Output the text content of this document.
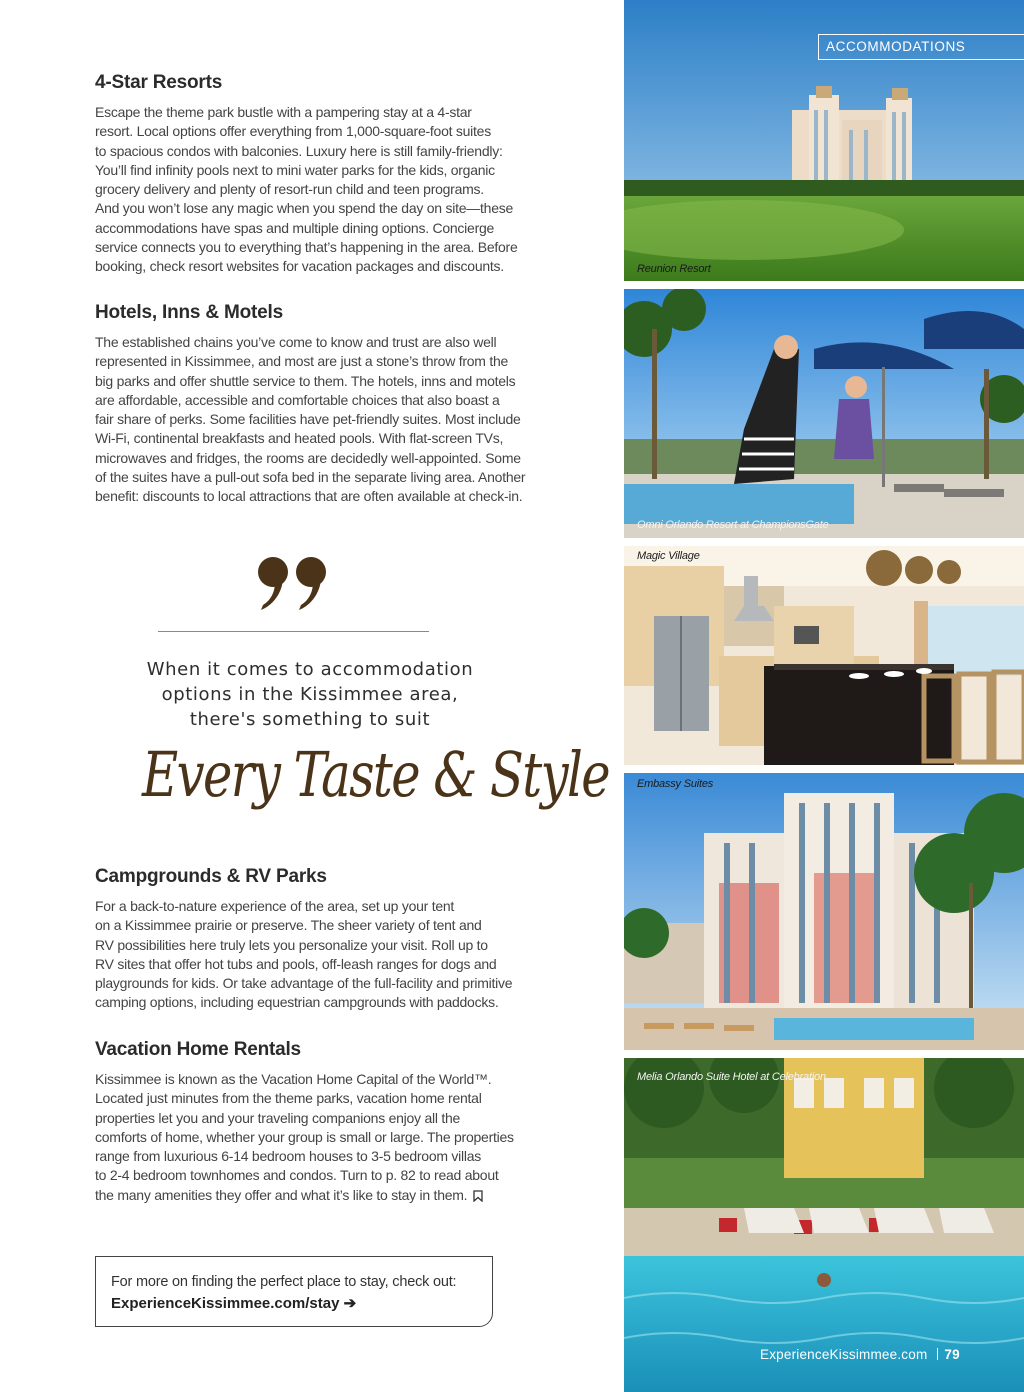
4-Star Resorts
Escape the theme park bustle with a pampering stay at a 4-star
resort. Local options offer everything from 1,000-square-foot suites
to spacious condos with balconies. Luxury here is still family-friendly:
You’ll find infinity pools next to mini water parks for the kids, organic
grocery delivery and plenty of resort-run child and teen programs.
And you won’t lose any magic when you spend the day on site—these
accommodations have spas and multiple dining options. Concierge
service connects you to everything that’s happening in the area. Before
booking, check resort websites for vacation packages and discounts.
Hotels, Inns & Motels
The established chains you’ve come to know and trust are also well
represented in Kissimmee, and most are just a stone’s throw from the
big parks and offer shuttle service to them. The hotels, inns and motels
are affordable, accessible and comfortable choices that also boast a
fair share of perks. Some facilities have pet-friendly suites. Most include
Wi-Fi, continental breakfasts and heated pools. With flat-screen TVs,
microwaves and fridges, the rooms are decidedly well-appointed. Some
of the suites have a pull-out sofa bed in the separate living area. Another
benefit: discounts to local attractions that are often available at check-in.
When it comes to accommodation
options in the Kissimmee area,
there's something to suit
Every Taste & Style
Campgrounds & RV Parks
For a back-to-nature experience of the area, set up your tent
on a Kissimmee prairie or preserve. The sheer variety of tent and
RV possibilities here truly lets you personalize your visit. Roll up to
RV sites that offer hot tubs and pools, off-leash ranges for dogs and
playgrounds for kids. Or take advantage of the full-facility and primitive
camping options, including equestrian campgrounds with paddocks.
Vacation Home Rentals
Kissimmee is known as the Vacation Home Capital of the World™.
Located just minutes from the theme parks, vacation home rental
properties let you and your traveling companions enjoy all the
comforts of home, whether your group is small or large. The properties
range from luxurious 6-14 bedroom houses to 3-5 bedroom villas
to 2-4 bedroom townhomes and condos. Turn to p. 82 to read about
the many amenities they offer and what it’s like to stay in them.
For more on finding the perfect place to stay, check out:
ExperienceKissimmee.com/stay ➔
Reunion Resort
Omni Orlando Resort at ChampionsGate
Magic Village
Embassy Suites
Melia Orlando Suite Hotel at Celebration
ACCOMMODATIONS
ExperienceKissimmee.com 79
